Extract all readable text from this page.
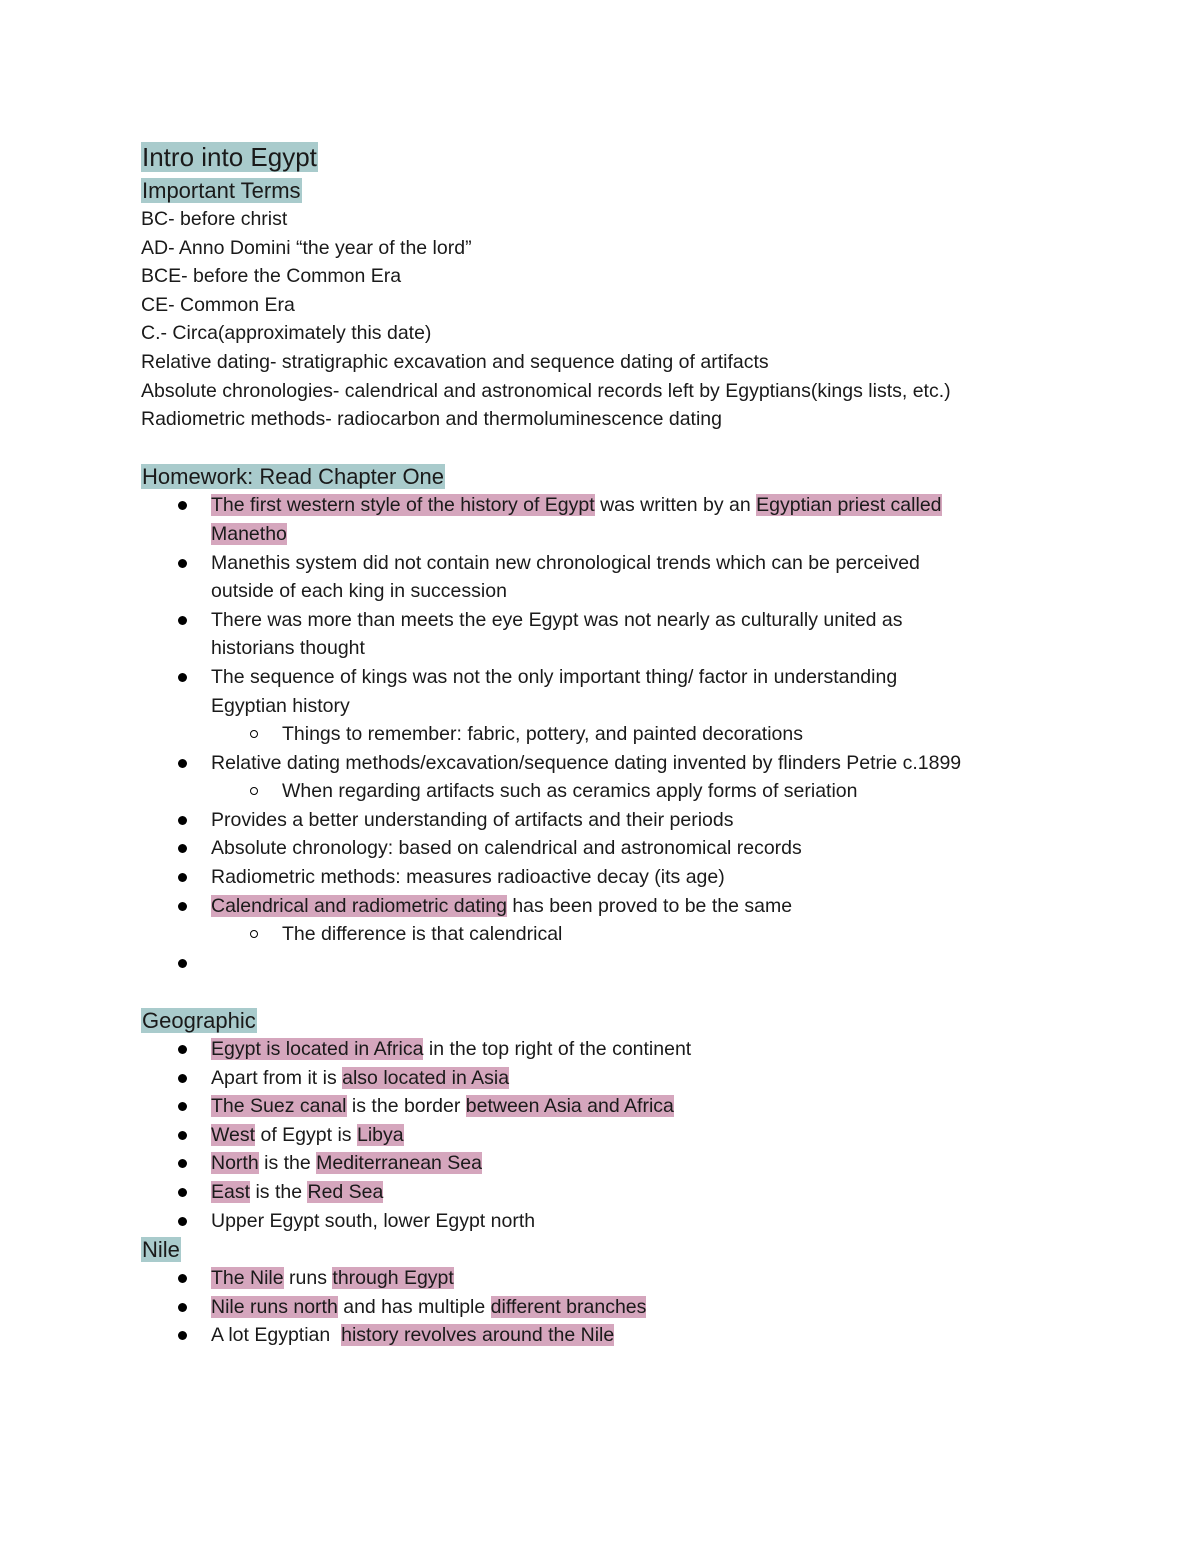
Intro into Egypt
Important Terms
BC- before christ
AD- Anno Domini “the year of the lord”
BCE- before the Common Era
CE- Common Era
C.- Circa(approximately this date)
Relative dating- stratigraphic excavation and sequence dating of artifacts
Absolute chronologies- calendrical and astronomical records left by Egyptians(kings lists, etc.)
Radiometric methods- radiocarbon and thermoluminescence dating
Homework: Read Chapter One
The first western style of the history of Egypt was written by an Egyptian priest called Manetho
Manethis system did not contain new chronological trends which can be perceived outside of each king in succession
There was more than meets the eye Egypt was not nearly as culturally united as historians thought
The sequence of kings was not the only important thing/ factor in understanding Egyptian history
Things to remember: fabric, pottery, and painted decorations
Relative dating methods/excavation/sequence dating invented by flinders Petrie c.1899
When regarding artifacts such as ceramics apply forms of seriation
Provides a better understanding of artifacts and their periods
Absolute chronology: based on calendrical and astronomical records
Radiometric methods: measures radioactive decay (its age)
Calendrical and radiometric dating has been proved to be the same
The difference is that calendrical
Geographic
Egypt is located in Africa in the top right of the continent
Apart from it is also located in Asia
The Suez canal is the border between Asia and Africa
West of Egypt is Libya
North is the Mediterranean Sea
East is the Red Sea
Upper Egypt south, lower Egypt north
Nile
The Nile runs through Egypt
Nile runs north and has multiple different branches
A lot Egyptian  history revolves around the Nile
